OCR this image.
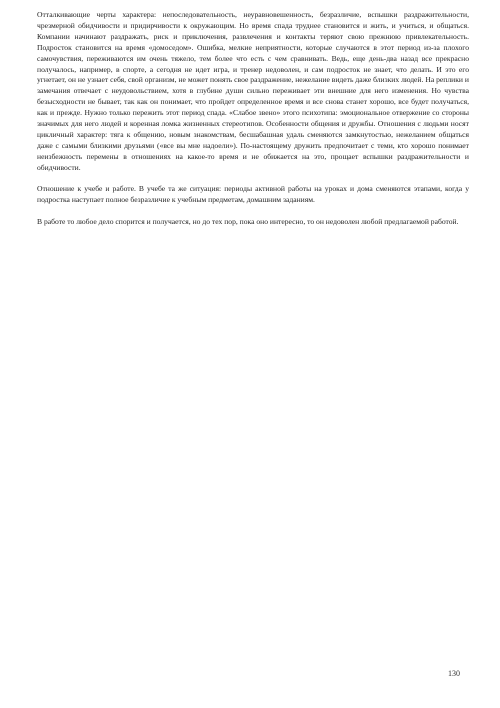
Отталкивающие черты характера: непоследовательность, неуравновешенность, безразличие, вспышки раздражительности, чрезмерной обидчивости и придирчивости к окружающим. Но время спада труднее становится и жить, и учиться, и общаться. Компании начинают раздражать, риск и приключения, развлечения и контакты теряют свою прежнюю привлекательность. Подросток становится на время «домоседом». Ошибка, мелкие неприятности, которые случаются в этот период из-за плохого самочувствия, переживаются им очень тяжело, тем более что есть с чем сравнивать. Ведь, еще день-два назад все прекрасно получалось, например, в спорте, а сегодня не идет игра, и тренер недоволен, и сам подросток не знает, что делать. И это его угнетает, он не узнает себя, свой организм, не может понять свое раздражение, нежелание видеть даже близких людей. На реплики и замечания отвечает с неудовольствием, хотя в глубине души сильно переживает эти внешние для него изменения. Но чувства безысходности не бывает, так как он понимает, что пройдет определенное время и все снова станет хорошо, все будет получаться, как и прежде. Нужно только пережить этот период спада. «Слабое звено» этого психотипа: эмоциональное отвержение со стороны значимых для него людей и коренная ломка жизненных стереотипов. Особенности общения и дружбы. Отношения с людьми носят цикличный характер: тяга к общению, новым знакомствам, бесшабашная удаль сменяются замкнутостью, нежеланием общаться даже с самыми близкими друзьями («все вы мне надоели»). По-настоящему дружить предпочитает с теми, кто хорошо понимает неизбежность перемены в отношениях на какое-то время и не обижается на это, прощает вспышки раздражительности и обидчивости.

Отношение к учебе и работе. В учебе та же ситуация: периоды активной работы на уроках и дома сменяются этапами, когда у подростка наступает полное безразличие к учебным предметам, домашним заданиям.

В работе то любое дело спорится и получается, но до тех пор, пока оно интересно, то он недоволен любой предлагаемой работой.

130
